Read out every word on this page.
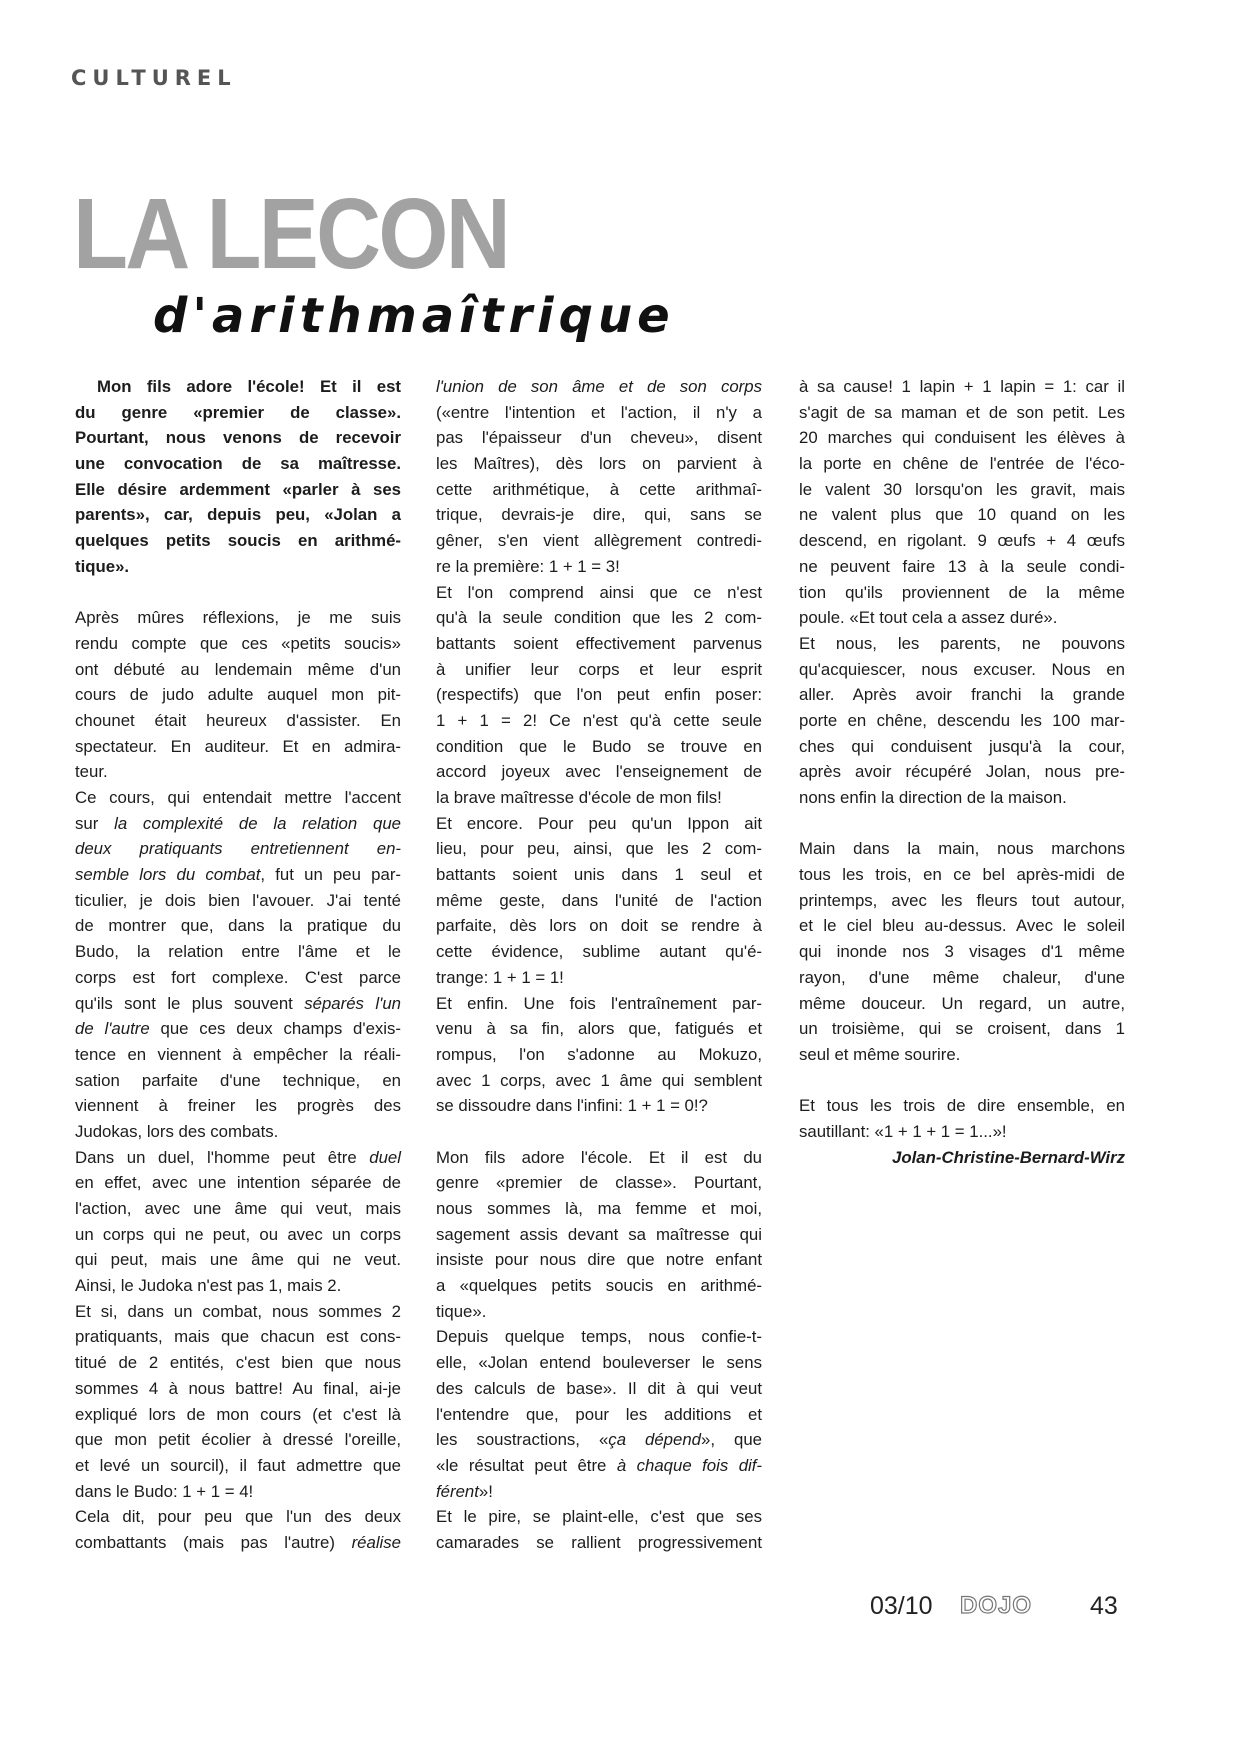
CULTUREL
LA LECON
d'arithmaîtrique
Mon fils adore l'école! Et il est
du genre «premier de classe».
Pourtant, nous venons de recevoir
une convocation de sa maîtresse.
Elle désire ardemment «parler à ses
parents», car, depuis peu, «Jolan a
quelques petits soucis en arithmé-
tique».
Après mûres réflexions, je me suis
rendu compte que ces «petits soucis»
ont débuté au lendemain même d'un
cours de judo adulte auquel mon pit-
chounet était heureux d'assister. En
spectateur. En auditeur. Et en admira-
teur.
Ce cours, qui entendait mettre l'accent
sur la complexité de la relation que
deux pratiquants entretiennent en-
semble lors du combat, fut un peu par-
ticulier, je dois bien l'avouer. J'ai tenté
de montrer que, dans la pratique du
Budo, la relation entre l'âme et le
corps est fort complexe. C'est parce
qu'ils sont le plus souvent séparés l'un
de l'autre que ces deux champs d'exis-
tence en viennent à empêcher la réali-
sation parfaite d'une technique, en
viennent à freiner les progrès des
Judokas, lors des combats.
Dans un duel, l'homme peut être duel
en effet, avec une intention séparée de
l'action, avec une âme qui veut, mais
un corps qui ne peut, ou avec un corps
qui peut, mais une âme qui ne veut.
Ainsi, le Judoka n'est pas 1, mais 2.
Et si, dans un combat, nous sommes 2
pratiquants, mais que chacun est cons-
titué de 2 entités, c'est bien que nous
sommes 4 à nous battre! Au final, ai-je
expliqué lors de mon cours (et c'est là
que mon petit écolier à dressé l'oreille,
et levé un sourcil), il faut admettre que
dans le Budo: 1 + 1 = 4!
Cela dit, pour peu que l'un des deux
combattants (mais pas l'autre) réalise
l'union de son âme et de son corps
(«entre l'intention et l'action, il n'y a
pas l'épaisseur d'un cheveu», disent
les Maîtres), dès lors on parvient à
cette arithmétique, à cette arithmaî-
trique, devrais-je dire, qui, sans se
gêner, s'en vient allègrement contredi-
re la première: 1 + 1 = 3!
Et l'on comprend ainsi que ce n'est
qu'à la seule condition que les 2 com-
battants soient effectivement parvenus
à unifier leur corps et leur esprit
(respectifs) que l'on peut enfin poser:
1 + 1 = 2! Ce n'est qu'à cette seule
condition que le Budo se trouve en
accord joyeux avec l'enseignement de
la brave maîtresse d'école de mon fils!
Et encore. Pour peu qu'un Ippon ait
lieu, pour peu, ainsi, que les 2 com-
battants soient unis dans 1 seul et
même geste, dans l'unité de l'action
parfaite, dès lors on doit se rendre à
cette évidence, sublime autant qu'é-
trange: 1 + 1 = 1!
Et enfin. Une fois l'entraînement par-
venu à sa fin, alors que, fatigués et
rompus, l'on s'adonne au Mokuzo,
avec 1 corps, avec 1 âme qui semblent
se dissoudre dans l'infini: 1 + 1 = 0!?
Mon fils adore l'école. Et il est du
genre «premier de classe». Pourtant,
nous sommes là, ma femme et moi,
sagement assis devant sa maîtresse qui
insiste pour nous dire que notre enfant
a «quelques petits soucis en arithmé-
tique».
Depuis quelque temps, nous confie-t-
elle, «Jolan entend bouleverser le sens
des calculs de base». Il dit à qui veut
l'entendre que, pour les additions et
les soustractions, «ça dépend», que
«le résultat peut être à chaque fois dif-
férent»!
Et le pire, se plaint-elle, c'est que ses
camarades se rallient progressivement
à sa cause! 1 lapin + 1 lapin = 1: car il
s'agit de sa maman et de son petit. Les
20 marches qui conduisent les élèves à
la porte en chêne de l'entrée de l'éco-
le valent 30 lorsqu'on les gravit, mais
ne valent plus que 10 quand on les
descend, en rigolant. 9 œufs + 4 œufs
ne peuvent faire 13 à la seule condi-
tion qu'ils proviennent de la même
poule. «Et tout cela a assez duré».
Et nous, les parents, ne pouvons
qu'acquiescer, nous excuser. Nous en
aller. Après avoir franchi la grande
porte en chêne, descendu les 100 mar-
ches qui conduisent jusqu'à la cour,
après avoir récupéré Jolan, nous pre-
nons enfin la direction de la maison.
Main dans la main, nous marchons
tous les trois, en ce bel après-midi de
printemps, avec les fleurs tout autour,
et le ciel bleu au-dessus. Avec le soleil
qui inonde nos 3 visages d'1 même
rayon, d'une même chaleur, d'une
même douceur. Un regard, un autre,
un troisième, qui se croisent, dans 1
seul et même sourire.
Et tous les trois de dire ensemble, en
sautillant: «1 + 1 + 1 = 1...»!
Jolan-Christine-Bernard-Wirz
03/10 DOJO 43
